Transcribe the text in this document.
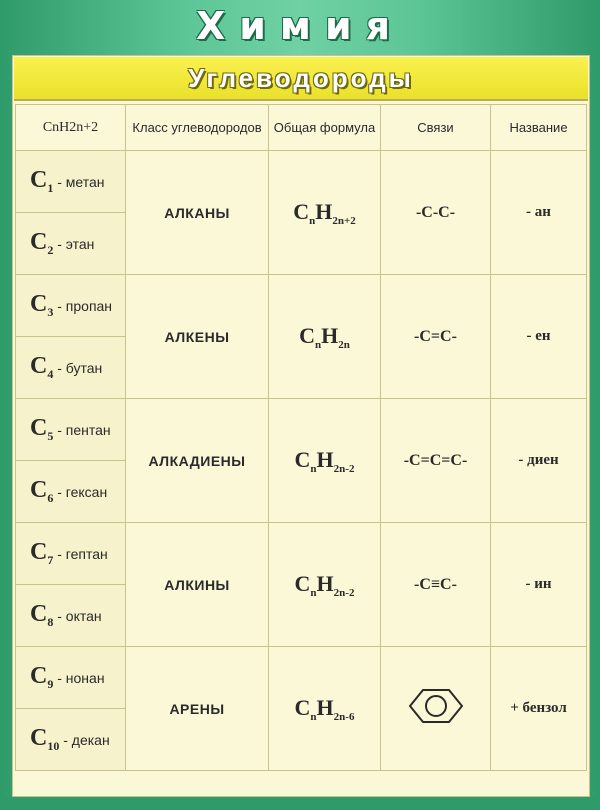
Химия
Углеводороды
CnH2n+2	Класс углеводородов	Общая формула	Связи	Название
C1 - метан	АЛКАНЫ	$C_nH_{2n+2}$	-C-C-	- ан
C2 - этан				
C3 - пропан	АЛКЕНЫ	$C_nH_{2n}$	-C=C-	- ен
C4 - бутан				
C5 - пентан	АЛКАДИЕНЫ	$C_nH_{2n-2}$	-C=C=C-	- диен
C6 - гексан				
C7 - гептан	АЛКИНЫ	$C_nH_{2n-2}$	-C≡C-	- ин
C8 - октан				
C9 - нонан	АРЕНЫ	$C_nH_{2n-6}$		+ бензол
C10 - декан				
